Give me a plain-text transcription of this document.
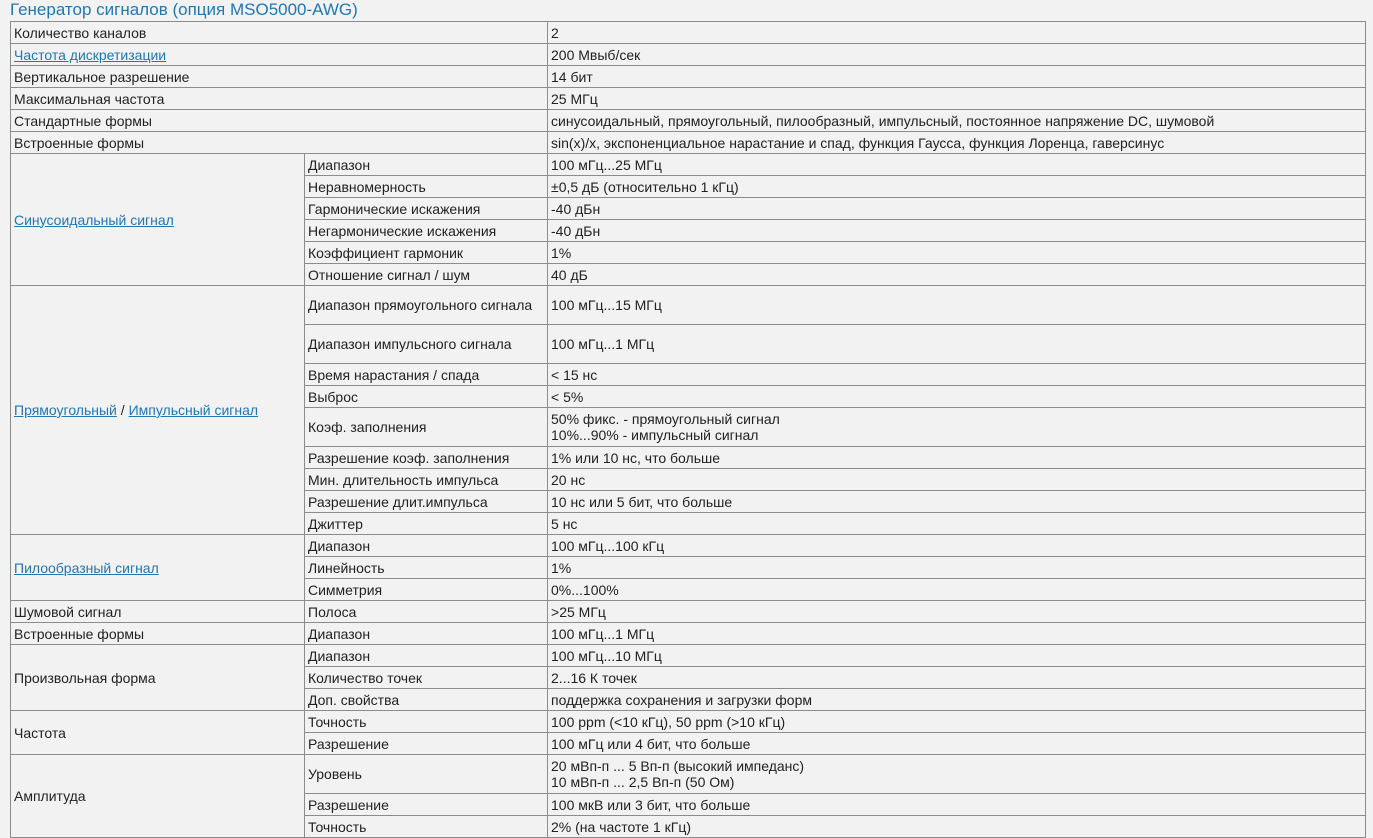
Генератор сигналов (опция MSO5000-AWG)
Количество каналов		2
Частота дискретизации		200 Мвыб/сек
Вертикальное разрешение		14 бит
Максимальная частота		25 МГц
Стандартные формы		синусоидальный, прямоугольный, пилообразный, импульсный, постоянное напряжение DC, шумовой
Встроенные формы		sin(x)/x, экспоненциальное нарастание и спад, функция Гаусса, функция Лоренца, гаверсинус
Синусоидальный сигнал	Диапазон	100 мГц...25 МГц
	Неравномерность	±0,5 дБ (относительно 1 кГц)
	Гармонические искажения	-40 дБн
	Негармонические искажения	-40 дБн
	Коэффициент гармоник	1%
	Отношение сигнал / шум	40 дБ
Прямоугольный / Импульсный сигнал	Диапазон прямоугольного сигнала	100 мГц...15 МГц
	Диапазон импульсного сигнала	100 мГц...1 МГц
	Время нарастания / спада	< 15 нс
	Выброс	< 5%
	Коэф. заполнения	50% фикс. - прямоугольный сигнал
10%...90% - импульсный сигнал
	Разрешение коэф. заполнения	1% или 10 нс, что больше
	Мин. длительность импульса	20 нс
	Разрешение длит.импульса	10 нс или 5 бит, что больше
	Джиттер	5 нс
Пилообразный сигнал	Диапазон	100 мГц...100 кГц
	Линейность	1%
	Симметрия	0%...100%
Шумовой сигнал	Полоса	>25 МГц
Встроенные формы	Диапазон	100 мГц...1 МГц
Произвольная форма	Диапазон	100 мГц...10 МГц
	Количество точек	2...16 К точек
	Доп. свойства	поддержка сохранения и загрузки форм
Частота	Точность	100 ppm (<10 кГц), 50 ppm (>10 кГц)
	Разрешение	100 мГц или 4 бит, что больше
Амплитуда	Уровень	20 мВп-п ... 5 Вп-п (высокий импеданс)
10 мВп-п ... 2,5 Вп-п (50 Ом)
	Разрешение	100 мкВ или 3 бит, что больше
	Точность	2% (на частоте 1 кГц)
